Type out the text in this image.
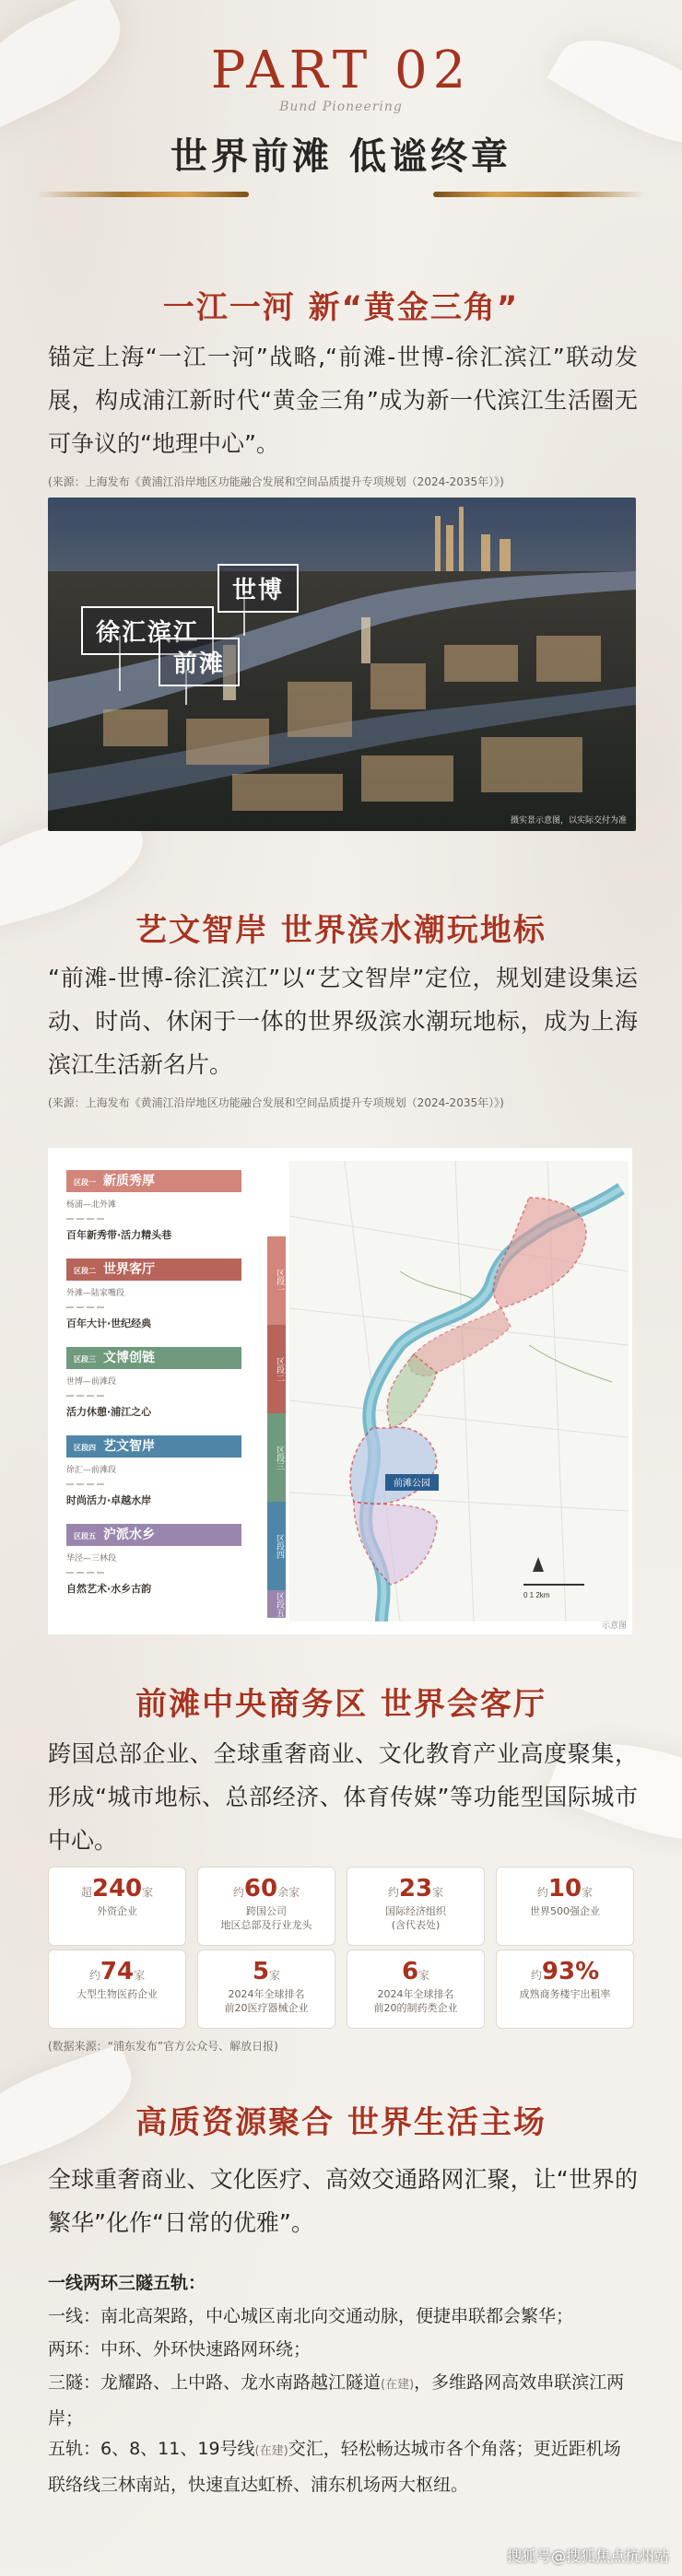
PART 02
Bund Pioneering
世界前滩 低谧终章
一江一河 新“黄金三角”
锚定上海“一江一河”战略,“前滩-世博-徐汇滨江”联动发展，构成浦江新时代“黄金三角”成为新一代滨江生活圈无可争议的“地理中心”。
(来源：上海发布《黄浦江沿岸地区功能融合发展和空间品质提升专项规划（2024-2035年）》)
徐汇滨江
世博
前滩
摄实景示意图，以实际交付为准
艺文智岸 世界滨水潮玩地标
“前滩-世博-徐汇滨江”以“艺文智岸”定位，规划建设集运动、时尚、休闲于一体的世界级滨水潮玩地标，成为上海滨江生活新名片。
(来源：上海发布《黄浦江沿岸地区功能融合发展和空间品质提升专项规划（2024-2035年）》)
区段一 新质秀厚
杨浦—北外滩
百年新秀带·活力精头巷
区段二 世界客厅
外滩—陆家嘴段
百年大计·世纪经典
区段三 文博创链
世博—前滩段
活力休憩·浦江之心
区段四 艺文智岸
徐汇—前滩段
时尚活力·卓越水岸
区段五 沪派水乡
华泾—三林段
自然艺术·水乡古韵
区段一
区段二
区段三
区段四
区段五
前滩公园
0 1 2km
示意图
前滩中央商务区 世界会客厅
跨国总部企业、全球重奢商业、文化教育产业高度聚集，形成“城市地标、总部经济、体育传媒”等功能型国际城市中心。
超240家
外资企业
约60余家
跨国公司
地区总部及行业龙头
约23家
国际经济组织
(含代表处)
约10家
世界500强企业
约74家
大型生物医药企业
5家
2024年全球排名
前20医疗器械企业
6家
2024年全球排名
前20的制药类企业
约93%
成熟商务楼宇出租率
(数据来源：“浦东发布”官方公众号、解放日报)
高质资源聚合 世界生活主场
全球重奢商业、文化医疗、高效交通路网汇聚，让“世界的繁华”化作“日常的优雅”。
一线两环三隧五轨：
一线：南北高架路，中心城区南北向交通动脉，便捷串联都会繁华；
两环：中环、外环快速路网环绕；
三隧：龙耀路、上中路、龙水南路越江隧道(在建)，多维路网高效串联滨江两岸；
五轨：6、8、11、19号线(在建)交汇，轻松畅达城市各个角落；更近距机场联络线三林南站，快速直达虹桥、浦东机场两大枢纽。
搜狐号@搜狐焦点杭州站
